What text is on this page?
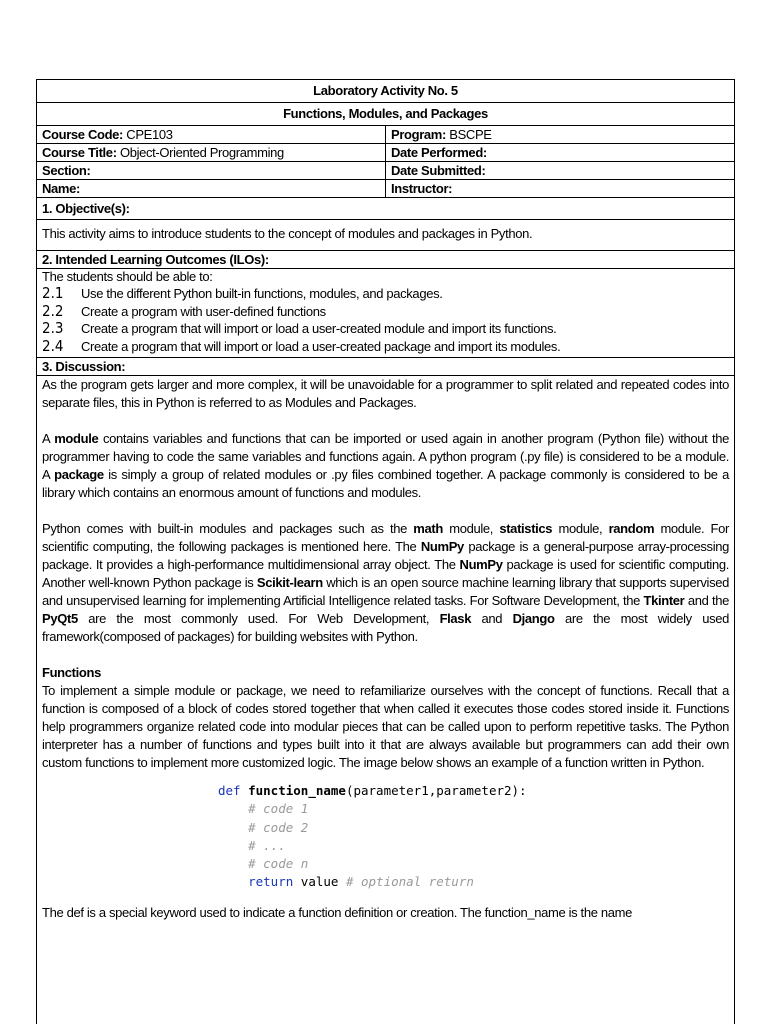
Laboratory Activity No. 5
Functions, Modules, and Packages
Course Code: CPE103	Program: BSCPE
Course Title: Object-Oriented Programming	Date Performed:
Section:	Date Submitted:
Name:	Instructor:
1. Objective(s):
This activity aims to introduce students to the concept of modules and packages in Python.
2. Intended Learning Outcomes (ILOs):
The students should be able to:
2.1	Use the different Python built-in functions, modules, and packages.
2.2	Create a program with user-defined functions
2.3	Create a program that will import or load a user-created module and import its functions.
2.4	Create a program that will import or load a user-created package and import its modules.
3. Discussion:

As the program gets larger and more complex, it will be unavoidable for a programmer to split related and repeated codes into separate files, this in Python is referred to as Modules and Packages.

A module contains variables and functions that can be imported or used again in another program (Python file) without the programmer having to code the same variables and functions again. A python program (.py file) is considered to be a module. A package is simply a group of related modules or .py files combined together. A package commonly is considered to be a library which contains an enormous amount of functions and modules.

Python comes with built-in modules and packages such as the math module, statistics module, random module. For scientific computing, the following packages is mentioned here. The NumPy package is a general-purpose array-processing package. It provides a high-performance multidimensional array object. The NumPy package is used for scientific computing. Another well-known Python package is Scikit-learn which is an open source machine learning library that supports supervised and unsupervised learning for implementing Artificial Intelligence related tasks. For Software Development, the Tkinter and the PyQt5 are the most commonly used. For Web Development, Flask and Django are the most widely used framework(composed of packages) for building websites with Python.

Functions

To implement a simple module or package, we need to refamiliarize ourselves with the concept of functions. Recall that a function is composed of a block of codes stored together that when called it executes those codes stored inside it. Functions help programmers organize related code into modular pieces that can be called upon to perform repetitive tasks. The Python interpreter has a number of functions and types built into it that are always available but programmers can add their own custom functions to implement more customized logic. The image below shows an example of a function written in Python.

def function_name(parameter1,parameter2):
# code 1
# code 2
# ...
# code n
return value # optional return

The def is a special keyword used to indicate a function definition or creation. The function_name is the name
